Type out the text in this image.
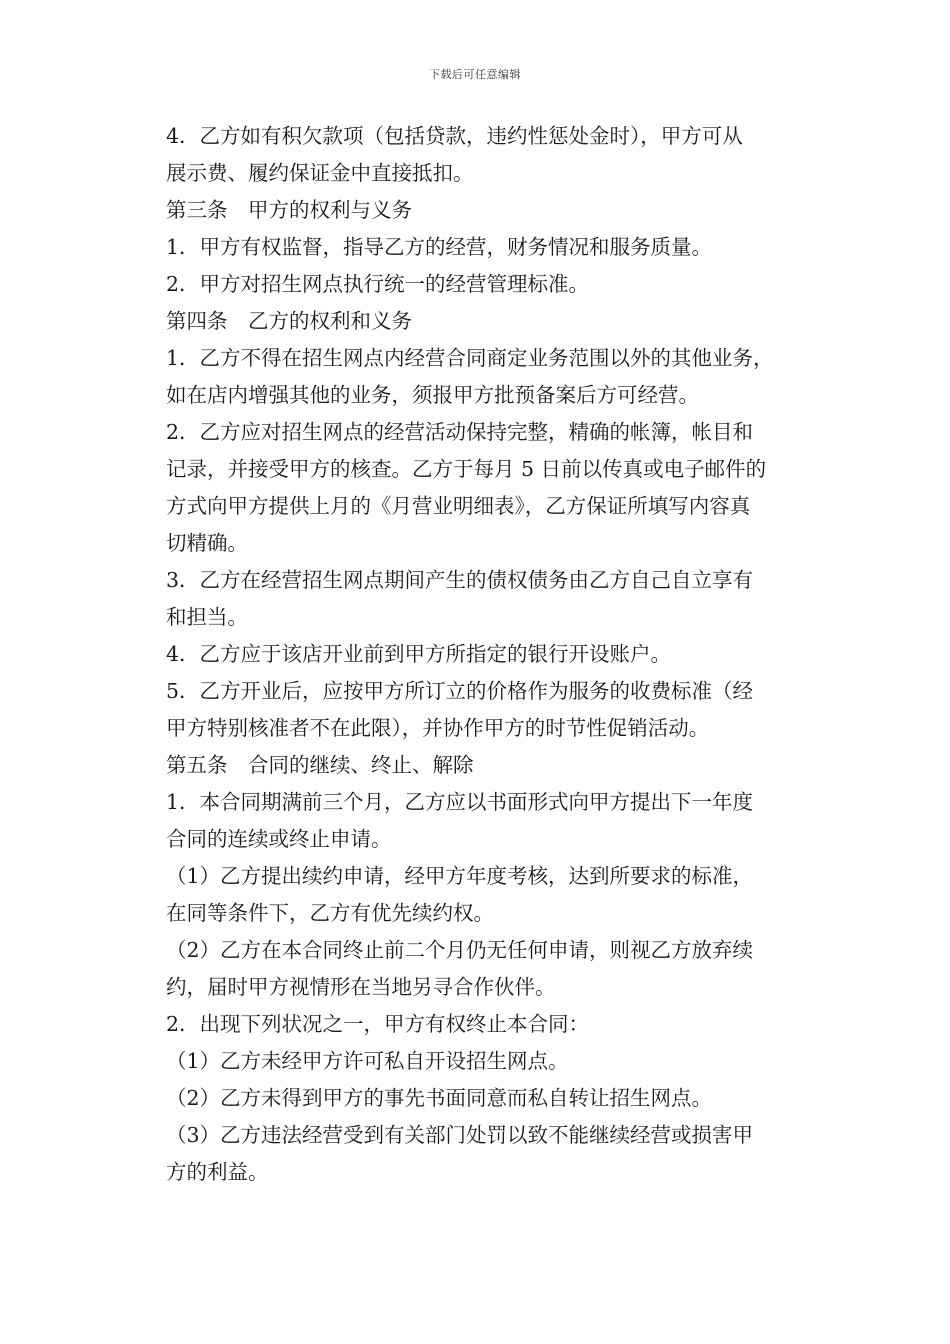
下载后可任意编辑

4．乙方如有积欠款项（包括贷款，违约性惩处金时），甲方可从
展示费、履约保证金中直接抵扣。

第三条　甲方的权利与义务

1．甲方有权监督，指导乙方的经营，财务情况和服务质量。

2．甲方对招生网点执行统一的经营管理标准。

第四条　乙方的权利和义务

1．乙方不得在招生网点内经营合同商定业务范围以外的其他业务，
如在店内增强其他的业务，须报甲方批预备案后方可经营。

2．乙方应对招生网点的经营活动保持完整，精确的帐簿，帐目和
记录，并接受甲方的核查。乙方于每月 5 日前以传真或电子邮件的
方式向甲方提供上月的《月营业明细表》，乙方保证所填写内容真
切精确。

3．乙方在经营招生网点期间产生的债权债务由乙方自己自立享有
和担当。

4．乙方应于该店开业前到甲方所指定的银行开设账户。

5．乙方开业后，应按甲方所订立的价格作为服务的收费标准（经
甲方特别核准者不在此限），并协作甲方的时节性促销活动。

第五条　合同的继续、终止、解除

1．本合同期满前三个月，乙方应以书面形式向甲方提出下一年度
合同的连续或终止申请。

（1）乙方提出续约申请，经甲方年度考核，达到所要求的标准，
在同等条件下，乙方有优先续约权。

（2）乙方在本合同终止前二个月仍无任何申请，则视乙方放弃续
约，届时甲方视情形在当地另寻合作伙伴。

2．出现下列状况之一，甲方有权终止本合同：

（1）乙方未经甲方许可私自开设招生网点。

（2）乙方未得到甲方的事先书面同意而私自转让招生网点。

（3）乙方违法经营受到有关部门处罚以致不能继续经营或损害甲
方的利益。
